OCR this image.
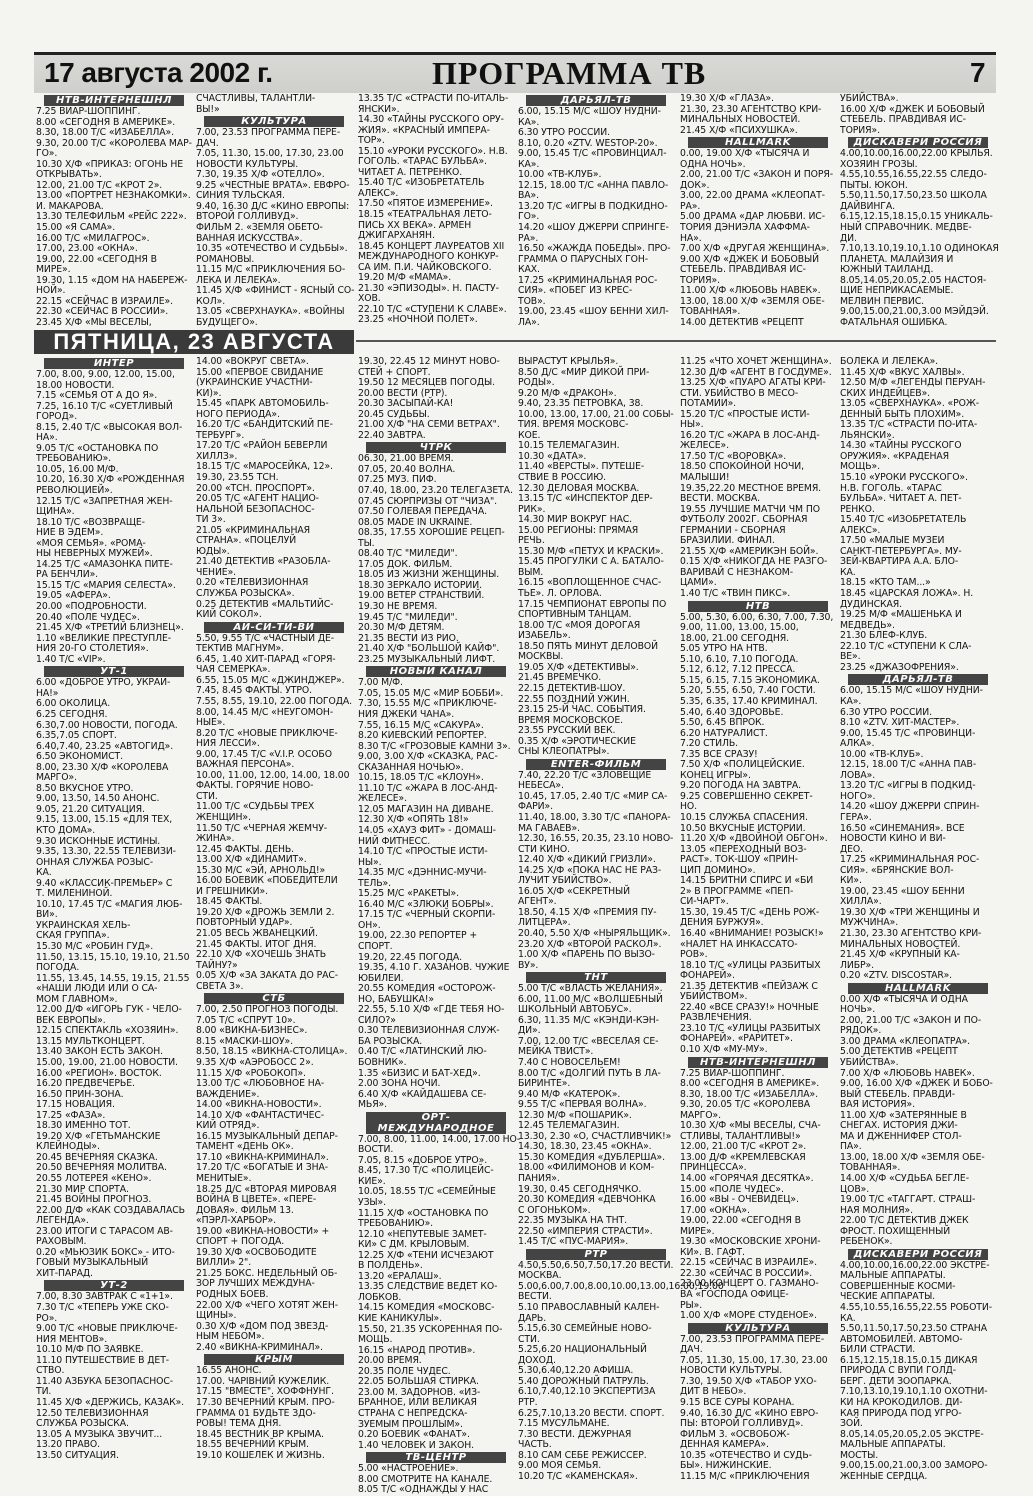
17 августа 2002 г.	ПРОГРАММА ТВ	7
ПЯТНИЦА, 23 АВГУСТА
НТВ-ИНТЕРНЕШНЛ
7.25 ВИАР-ШОППИНГ.
8.00 «СЕГОДНЯ В АМЕРИКЕ».
8.30, 18.00 Т/С «ИЗАБЕЛЛА».
9.30, 20.00 Т/С «КОРОЛЕВА МАР-
ГО».
10.30 Х/Ф «ПРИКАЗ: ОГОНЬ НЕ
ОТКРЫВАТЬ».
12.00, 21.00 Т/С «КРОТ 2».
13.00 «ПОРТРЕТ НЕЗНАКОМКИ».
И. МАКАРОВА.
13.30 ТЕЛЕФИЛЬМ «РЕЙС 222».
15.00 «Я САМА».
16.00 Т/С «МИЛАГРОС».
17.00, 23.00 «ОКНА».
19.00, 22.00 «СЕГОДНЯ В
МИРЕ».
19.30, 1.15 «ДОМ НА НАБЕРЕЖ-
НОЙ».
22.15 «СЕЙЧАС В ИЗРАИЛЕ».
22.30 «СЕЙЧАС В РОССИИ».
23.45 Х/Ф «МЫ ВЕСЕЛЫ,
СЧАСТЛИВЫ, ТАЛАНТЛИ-
ВЫ!»
КУЛЬТУРА
7.00, 23.53 ПРОГРАММА ПЕРЕ-
ДАЧ.
7.05, 11.30, 15.00, 17.30, 23.00
НОВОСТИ КУЛЬТУРЫ.
7.30, 19.35 Х/Ф «ОТЕЛЛО».
9.25 «ЧЕСТНЫЕ ВРАТА». ЕВФРО-
СИНИЯ ТУЛЬСКАЯ.
9.40, 16.30 Д/С «КИНО ЕВРОПЫ:
ВТОРОЙ ГОЛЛИВУД».
ФИЛЬМ 2. «ЗЕМЛЯ ОБЕТО-
ВАННАЯ ИСКУССТВА».
10.35 «ОТЕЧЕСТВО И СУДЬБЫ».
РОМАНОВЫ.
11.15 М/С «ПРИКЛЮЧЕНИЯ БО-
ЛЕКА И ЛЕЛЕКА».
11.45 Х/Ф «ФИНИСТ - ЯСНЫЙ СО-
КОЛ».
13.05 «СВЕРХНАУКА». «ВОЙНЫ
БУДУЩЕГО».
13.35 Т/С «СТРАСТИ ПО-ИТАЛЬ-
ЯНСКИ».
14.30 «ТАЙНЫ РУССКОГО ОРУ-
ЖИЯ». «КРАСНЫЙ ИМПЕРА-
ТОР».
15.10 «УРОКИ РУССКОГО». Н.В.
ГОГОЛЬ. «ТАРАС БУЛЬБА».
ЧИТАЕТ А. ПЕТРЕНКО.
15.40 Т/С «ИЗОБРЕТАТЕЛЬ
АЛЕКС».
17.50 «ПЯТОЕ ИЗМЕРЕНИЕ».
18.15 «ТЕАТРАЛЬНАЯ ЛЕТО-
ПИСЬ ХХ ВЕКА». АРМЕН
ДЖИГАРХАНЯН.
18.45 КОНЦЕРТ ЛАУРЕАТОВ XII
МЕЖДУНАРОДНОГО КОНКУР-
СА ИМ. П.И. ЧАЙКОВСКОГО.
19.20 М/Ф «МАМА».
21.30 «ЭПИЗОДЫ». Н. ПАСТУ-
ХОВ.
22.10 Т/С «СТУПЕНИ К СЛАВЕ».
23.25 «НОЧНОЙ ПОЛЕТ».
ДАРЬЯЛ-ТВ
6.00, 15.15 М/С «ШОУ НУДНИ-
КА».
6.30 УТРО РОССИИ.
8.10, 0.20 «ZTV. WESTOP-20».
9.00, 15.45 Т/С «ПРОВИНЦИАЛ-
КА».
10.00 «ТВ-КЛУБ».
12.15, 18.00 Т/С «АННА ПАВЛО-
ВА».
13.20 Т/С «ИГРЫ В ПОДКИДНО-
ГО».
14.20 «ШОУ ДЖЕРРИ СПРИНГЕ-
РА».
16.50 «ЖАЖДА ПОБЕДЫ». ПРО-
ГРАММА О ПАРУСНЫХ ГОН-
КАХ.
17.25 «КРИМИНАЛЬНАЯ РОС-
СИЯ». «ПОБЕГ ИЗ КРЕС-
ТОВ».
19.00, 23.45 «ШОУ БЕННИ ХИЛ-
ЛА».
19.30 Х/Ф «ГЛАЗА».
21.30, 23.30 АГЕНТСТВО КРИ-
МИНАЛЬНЫХ НОВОСТЕЙ.
21.45 Х/Ф «ПСИХУШКА».
HALLMARK
0.00, 19.00 Х/Ф «ТЫСЯЧА И
ОДНА НОЧЬ».
2.00, 21.00 Т/С «ЗАКОН И ПОРЯ-
ДОК».
3.00, 22.00 ДРАМА «КЛЕОПАТ-
РА».
5.00 ДРАМА «ДАР ЛЮБВИ. ИС-
ТОРИЯ ДЭНИЭЛА ХАФФМА-
НА».
7.00 Х/Ф «ДРУГАЯ ЖЕНЩИНА».
9.00 Х/Ф «ДЖЕК И БОБОВЫЙ
СТЕБЕЛЬ. ПРАВДИВАЯ ИС-
ТОРИЯ».
11.00 Х/Ф «ЛЮБОВЬ НАВЕК».
13.00, 18.00 Х/Ф «ЗЕМЛЯ ОБЕ-
ТОВАННАЯ».
14.00 ДЕТЕКТИВ «РЕЦЕПТ
УБИЙСТВА».
16.00 Х/Ф «ДЖЕК И БОБОВЫЙ
СТЕБЕЛЬ. ПРАВДИВАЯ ИС-
ТОРИЯ».
ДИСКАВЕРИ РОССИЯ
4.00,10.00,16.00,22.00 КРЫЛЬЯ.
ХОЗЯИН ГРОЗЫ.
4.55,10.55,16.55,22.55 СЛЕДО-
ПЫТЫ. ЮКОН.
5.50,11.50,17.50,23.50 ШКОЛА
ДАЙВИНГА.
6.15,12.15,18.15,0.15 УНИКАЛЬ-
НЫЙ СПРАВОЧНИК. МЕДВЕ-
ДИ.
7.10,13.10,19.10,1.10 ОДИНОКАЯ
ПЛАНЕТА. МАЛАЙЗИЯ И
ЮЖНЫЙ ТАИЛАНД.
8.05,14.05,20.05,2.05 НАСТОЯ-
ЩИЕ НЕПРИКАСАЕМЫЕ.
МЕЛВИН ПЕРВИС.
9.00,15.00,21.00,3.00 МЭЙДЭЙ.
ФАТАЛЬНАЯ ОШИБКА.
ИНТЕР
7.00, 8.00, 9.00, 12.00, 15.00,
18.00 НОВОСТИ.
7.15 «СЕМЬЯ ОТ А ДО Я».
7.25, 16.10 Т/С «СУЕТЛИВЫЙ
ГОРОД».
8.15, 2.40 Т/С «ВЫСОКАЯ ВОЛ-
НА».
9.05 Т/С «ОСТАНОВКА ПО
ТРЕБОВАНИЮ».
10.05, 16.00 М/Ф.
10.20, 16.30 Х/Ф «РОЖДЕННАЯ
РЕВОЛЮЦИЕЙ».
12.15 Т/С «ЗАПРЕТНАЯ ЖЕН-
ЩИНА».
18.10 Т/С «ВОЗВРАЩЕ-
НИЕ В ЭДЕМ».
«МОЯ СЕМЬЯ». «РОМА-
НЫ НЕВЕРНЫХ МУЖЕЙ».
14.25 Т/С «АМАЗОНКА ПИТЕ-
РА БЕНЧЛИ».
15.15 Т/С «МАРИЯ СЕЛЕСТА».
19.05 «АФЕРА».
20.00 «ПОДРОБНОСТИ.
20.40 «ПОЛЕ ЧУДЕС».
21.45 Х/Ф «ТРЕТИЙ БЛИЗНЕЦ».
1.10 «ВЕЛИКИЕ ПРЕСТУПЛЕ-
НИЯ 20-ГО СТОЛЕТИЯ».
1.40 Т/С «VIP».
УТ-1
6.00 «ДОБРОЕ УТРО, УКРАИ-
НА!»
6.00 ОКОЛИЦА.
6.25 СЕГОДНЯ.
6.30,7.00 НОВОСТИ, ПОГОДА.
6.35,7.05 СПОРТ.
6.40,7.40, 23.25 «АВТОГИД».
6.50 ЭКОНОМИСТ.
8.00, 23.30 Х/Ф «КОРОЛЕВА
МАРГО».
8.50 ВКУСНОЕ УТРО.
9.00, 13.50, 14.50 АНОНС.
9.05, 21.20 СИТУАЦИЯ.
9.15, 13.00, 15.15 «ДЛЯ ТЕХ,
КТО ДОМА».
9.30 ИСКОННЫЕ ИСТИНЫ.
9.35, 13.30, 22.55 ТЕЛЕВИЗИ-
ОННАЯ СЛУЖБА РОЗЫС-
КА.
9.40 «КЛАССИК-ПРЕМЬЕР» С
Т. МИЛЕНИНОЙ.
10.10, 17.45 Т/С «МАГИЯ ЛЮБ-
ВИ».
УКРАИНСКАЯ ХЕЛЬ-
СКАЯ ГРУППА».
15.30 М/С «РОБИН ГУД».
11.50, 13.15, 15.10, 19.10, 21.50
ПОГОДА.
11.55, 13.45, 14.55, 19.15, 21.55
«НАШИ ЛЮДИ ИЛИ О СА-
МОМ ГЛАВНОМ».
12.00 Д/Ф «ИГОРЬ ГУК - ЧЕЛО-
ВЕК ЕВРОПЫ».
12.15 СПЕКТАКЛЬ «ХОЗЯИН».
13.15 МУЛЬТКОНЦЕРТ.
13.40 ЗАКОН ЕСТЬ ЗАКОН.
15.00, 19.00, 21.00 НОВОСТИ.
16.00 «РЕГИОН». ВОСТОК.
16.20 ПРЕДВЕЧЕРЬЕ.
16.50 ПРИН-ЗОНА.
17.15 НОВАЦИЯ.
17.25 «ФАЗА».
18.30 ИМЕННО ТОТ.
19.20 Х/Ф «ГЕТЬМАНСКИЕ
КЛЕЙНОДЫ».
20.45 ВЕЧЕРНЯЯ СКАЗКА.
20.50 ВЕЧЕРНЯЯ МОЛИТВА.
20.55 ЛОТЕРЕЯ «КЕНО».
21.30 МИР СПОРТА.
21.45 ВОЙНЫ ПРОГНОЗ.
22.00 Д/Ф «КАК СОЗДАВАЛАСЬ
ЛЕГЕНДА».
23.00 ИТОГИ С ТАРАСОМ АВ-
РАХОВЫМ.
0.20 «МЬЮЗИК БОКС» - ИТО-
ГОВЫЙ МУЗЫКАЛЬНЫЙ
ХИТ-ПАРАД.
УТ-2
7.00, 8.30 ЗАВТРАК С «1+1».
7.30 Т/С «ТЕПЕРЬ УЖЕ СКО-
РО».
9.00 Т/С «НОВЫЕ ПРИКЛЮЧЕ-
НИЯ МЕНТОВ».
10.10 М/Ф ПО ЗАЯВКЕ.
11.10 ПУТЕШЕСТВИЕ В ДЕТ-
СТВО.
11.40 АЗБУКА БЕЗОПАСНОС-
ТИ.
11.45 Х/Ф «ДЕРЖИСЬ, КАЗАК».
12.50 ТЕЛЕВИЗИОННАЯ
СЛУЖБА РОЗЫСКА.
13.05 А МУЗЫКА ЗВУЧИТ...
13.20 ПРАВО.
13.50 СИТУАЦИЯ.
14.00 «ВОКРУГ СВЕТА».
15.00 «ПЕРВОЕ СВИДАНИЕ
(УКРАИНСКИЕ УЧАСТНИ-
КИ)».
15.45 «ПАРК АВТОМОБИЛЬ-
НОГО ПЕРИОДА».
16.20 Т/С «БАНДИТСКИЙ ПЕ-
ТЕРБУРГ».
17.20 Т/С «РАЙОН БЕВЕРЛИ
ХИЛЛЗ».
18.15 Т/С «МАРОСЕЙКА, 12».
19.30, 23.55 ТСН.
20.00 «ТСН. ПРОСПОРТ».
20.05 Т/С «АГЕНТ НАЦИО-
НАЛЬНОЙ БЕЗОПАСНОС-
ТИ 3».
21.05 «КРИМИНАЛЬНАЯ
СТРАНА». «ПОЦЕЛУЙ
ЮДЫ».
21.40 ДЕТЕКТИВ «РАЗОБЛА-
ЧЕНИЕ».
0.20 «ТЕЛЕВИЗИОННАЯ
СЛУЖБА РОЗЫСКА».
0.25 ДЕТЕКТИВ «МАЛЬТИЙС-
КИЙ СОКОЛ».
АЙ-СИ-ТИ-ВИ
5.50, 9.55 Т/С «ЧАСТНЫЙ ДЕ-
ТЕКТИВ МАГНУМ».
6.45, 1.40 ХИТ-ПАРАД «ГОРЯ-
ЧАЯ СЕМЕРКА».
6.55, 15.05 М/С «ДЖИНДЖЕР».
7.45, 8.45 ФАКТЫ. УТРО.
7.55, 8.55, 19.10, 22.00 ПОГОДА.
8.00, 14.45 М/С «НЕУГОМОН-
НЫЕ».
8.20 Т/С «НОВЫЕ ПРИКЛЮЧЕ-
НИЯ ЛЕССИ».
9.00, 17.45 Т/С «V.I.P. ОСОБО
ВАЖНАЯ ПЕРСОНА».
10.00, 11.00, 12.00, 14.00, 18.00
ФАКТЫ. ГОРЯЧИЕ НОВО-
СТИ.
11.00 Т/С «СУДЬБЫ ТРЕХ
ЖЕНЩИН».
11.50 Т/С «ЧЕРНАЯ ЖЕМЧУ-
ЖИНА».
12.45 ФАКТЫ. ДЕНЬ.
13.00 Х/Ф «ДИНАМИТ».
15.30 М/С «ЭЙ, АРНОЛЬД!»
16.00 БОЕВИК «ПОБЕДИТЕЛИ
И ГРЕШНИКИ».
18.45 ФАКТЫ.
19.20 Х/Ф «ДРОЖЬ ЗЕМЛИ 2.
ПОВТОРНЫЙ УДАР».
21.05 ВЕСЬ ЖВАНЕЦКИЙ.
21.45 ФАКТЫ. ИТОГ ДНЯ.
22.10 Х/Ф «ХОЧЕШЬ ЗНАТЬ
ТАЙНУ?»
0.05 Х/Ф «ЗА ЗАКАТА ДО РАС-
СВЕТА 3».
СТБ
7.00, 2.50 ПРОГНОЗ ПОГОДЫ.
7.05 Т/С «СПРУТ 10».
8.00 «ВИКНА-БИЗНЕС».
8.15 «МАСКИ-ШОУ».
8.50, 18.15 «ВИКНА-СТОЛИЦА».
9.35 Х/Ф «АЭРОБОСС 2».
11.15 Х/Ф «РОБОКОП».
13.00 Т/С «ЛЮБОВНОЕ НА-
ВАЖДЕНИЕ».
14.00 «ВИКНА-НОВОСТИ».
14.10 Х/Ф «ФАНТАСТИЧЕС-
КИЙ ОТРЯД».
16.15 МУЗЫКАЛЬНЫЙ ДЕПАР-
ТАМЕНТ «ДЕНЬ ОК».
17.10 «ВИКНА-КРИМИНАЛ».
17.20 Т/С «БОГАТЫЕ И ЗНА-
МЕНИТЫЕ».
18.25 Д/С «ВТОРАЯ МИРОВАЯ
ВОЙНА В ЦВЕТЕ». «ПЕРЕ-
ДОВАЯ». ФИЛЬМ 13.
«ПЭРЛ-ХАРБОР».
19.00 «ВИКНА-НОВОСТИ» +
СПОРТ + ПОГОДА.
19.30 Х/Ф «ОСВОБОДИТЕ
ВИЛЛИ» 2".
21.25 БОКС. НЕДЕЛЬНЫЙ ОБ-
ЗОР ЛУЧШИХ МЕЖДУНА-
РОДНЫХ БОЕВ.
22.00 Х/Ф «ЧЕГО ХОТЯТ ЖЕН-
ЩИНЫ».
0.30 Х/Ф «ДОМ ПОД ЗВЕЗД-
НЫМ НЕБОМ».
2.40 «ВИКНА-КРИМИНАЛ».
КРЫМ
16.55 АНОНС.
17.00. ЧАРІВНИЙ КУЖЕЛИК.
17.15 "ВМЕСТЕ". ХОФФНУНГ.
17.30 ВЕЧЕРНИЙ КРЫМ. ПРО-
ГРАММА 01 БУДЬТЕ ЗДО-
РОВЫ! ТЕМА ДНЯ.
18.45 ВЕСТНИК ВР КРЫМА.
18.55 ВЕЧЕРНИЙ КРЫМ.
19.10 КОШЕЛЕК И ЖИЗНЬ.
19.30, 22.45 12 МИНУТ НОВО-
СТЕЙ + СПОРТ.
19.50 12 МЕСЯЦЕВ ПОГОДЫ.
20.00 ВЕСТИ (РТР).
20.30 ЗАСЫПАЙ-КА!
20.45 СУДЬБЫ.
21.00 Х/Ф "НА СЕМИ ВЕТРАХ".
22.40 ЗАВТРА.
ЧТРК
06.30, 21.00 ВРЕМЯ.
07.05, 20.40 ВОЛНА.
07.25 МУЗ. ПИФ.
07.40, 18.00, 23.20 ТЕЛЕГАЗЕТА.
07.45 СЮРПРИЗЫ ОТ "ЧИЗА".
07.50 ГОЛЕВАЯ ПЕРЕДАЧА.
08.05 MADE IN UKRAINE.
08.35, 17.55 ХОРОШИЕ РЕЦЕП-
ТЫ.
08.40 Т/С "МИЛЕДИ".
17.05 ДОК. ФИЛЬМ.
18.05 ИЗ ЖИЗНИ ЖЕНЩИНЫ.
18.30 ЗЕРКАЛО ИСТОРИИ.
19.00 ВЕТЕР СТРАНСТВИЙ.
19.30 НЕ ВРЕМЯ.
19.45 Т/С "МИЛЕДИ".
20.30 М/Ф ДЕТЯМ.
21.35 ВЕСТИ ИЗ РИО.
21.40 Х/Ф "БОЛЬШОЙ КАЙФ".
23.25 МУЗЫКАЛЬНЫЙ ЛИФТ.
НОВЫЙ КАНАЛ
7.00 М/Ф.
7.05, 15.05 М/С «МИР БОББИ».
7.30, 15.55 М/С «ПРИКЛЮЧЕ-
НИЯ ДЖЕКИ ЧАНА».
7.55, 16.15 М/С «САКУРА».
8.20 КИЕВСКИЙ РЕПОРТЕР.
8.30 Т/С «ГРОЗОВЫЕ КАМНИ 3».
9.00, 3.00 Х/Ф «СКАЗКА, РАС-
СКАЗАННАЯ НОЧЬЮ».
10.15, 18.05 Т/С «КЛОУН».
11.10 Т/С «ЖАРА В ЛОС-АНД-
ЖЕЛЕСЕ».
12.05 МАГАЗИН НА ДИВАНЕ.
12.30 Х/Ф «ОПЯТЬ 18!»
14.05 «ХАУЗ ФИТ» - ДОМАШ-
НИЙ ФИТНЕСС.
14.10 Т/С «ПРОСТЫЕ ИСТИ-
НЫ».
14.35 М/С «ДЭННИС-МУЧИ-
ТЕЛЬ».
15.25 М/С «РАКЕТЫ».
16.40 М/С «ЗЛЮКИ БОБРЫ».
17.15 Т/С «ЧЕРНЫЙ СКОРПИ-
ОН».
19.00, 22.30 РЕПОРТЕР +
СПОРТ.
19.20, 22.45 ПОГОДА.
19.35, 4.10 Г. ХАЗАНОВ. ЧУЖИЕ
ЮБИЛЕИ.
20.55 КОМЕДИЯ «ОСТОРОЖ-
НО, БАБУШКА!»
22.55, 5.10 Х/Ф «ГДЕ ТЕБЯ НО-
СИЛО?»
0.30 ТЕЛЕВИЗИОННАЯ СЛУЖ-
БА РОЗЫСКА.
0.40 Т/С «ЛАТИНСКИЙ ЛЮ-
БОВНИК».
1.35 «БИЗИС И БАТ-ХЕД».
2.00 ЗОНА НОЧИ.
6.40 Х/Ф «КАЙДАШЕВА СЕ-
МЬЯ».
ОРТ-МЕЖДУНАРОДНОЕ
7.00, 8.00, 11.00, 14.00, 17.00 НО-
ВОСТИ.
7.05, 8.15 «ДОБРОЕ УТРО».
8.45, 17.30 Т/С «ПОЛИЦЕЙС-
КИЕ».
10.05, 18.55 Т/С «СЕМЕЙНЫЕ
УЗЫ».
11.15 Х/Ф «ОСТАНОВКА ПО
ТРЕБОВАНИЮ».
12.10 «НЕПУТЕВЫЕ ЗАМЕТ-
КИ» С ДМ. КРЫЛОВЫМ.
12.25 Х/Ф «ТЕНИ ИСЧЕЗАЮТ
В ПОЛДЕНЬ».
13.20 «ЕРАЛАШ».
13.35 СЛЕДСТВИЕ ВЕДЕТ КО-
ЛОБКОВ.
14.15 КОМЕДИЯ «МОСКОВС-
КИЕ КАНИКУЛЫ».
15.50, 21.35 УСКОРЕННАЯ ПО-
МОЩЬ.
16.15 «НАРОД ПРОТИВ».
20.00 ВРЕМЯ.
20.35 ПОЛЕ ЧУДЕС.
22.05 БОЛЬШАЯ СТИРКА.
23.00 М. ЗАДОРНОВ. «ИЗ-
БРАННОЕ, ИЛИ ВЕЛИКАЯ
СТРАНА С НЕПРЕДСКА-
ЗУЕМЫМ ПРОШЛЫМ».
0.20 БОЕВИК «ФАНАТ».
1.40 ЧЕЛОВЕК И ЗАКОН.
ТВ-ЦЕНТР
5.00 «НАСТРОЕНИЕ».
8.00 СМОТРИТЕ НА КАНАЛЕ.
8.05 Т/С «ОДНАЖДЫ У НАС
ВЫРАСТУТ КРЫЛЬЯ».
8.50 Д/С «МИР ДИКОЙ ПРИ-
РОДЫ».
9.20 М/Ф «ДРАКОН».
9.40, 23.35 ПЕТРОВКА, 38.
10.00, 13.00, 17.00, 21.00 СОБЫ-
ТИЯ. ВРЕМЯ МОСКОВС-
КОЕ.
10.15 ТЕЛЕМАГАЗИН.
10.30 «ДАТА».
11.40 «ВЕРСТЫ». ПУТЕШЕ-
СТВИЕ В РОССИЮ.
12.30 ДЕЛОВАЯ МОСКВА.
13.15 Т/С «ИНСПЕКТОР ДЕР-
РИК».
14.30 МИР ВОКРУГ НАС.
15.00 РЕГИОНЫ: ПРЯМАЯ
РЕЧЬ.
15.30 М/Ф «ПЕТУХ И КРАСКИ».
15.45 ПРОГУЛКИ С А. БАТАЛО-
ВЫМ.
16.15 «ВОПЛОЩЕННОЕ СЧАС-
ТЬЕ». Л. ОРЛОВА.
17.15 ЧЕМПИОНАТ ЕВРОПЫ ПО
СПОРТИВНЫМ ТАНЦАМ.
18.00 Т/С «МОЯ ДОРОГАЯ
ИЗАБЕЛЬ».
18.50 ПЯТЬ МИНУТ ДЕЛОВОЙ
МОСКВЫ.
19.05 Х/Ф «ДЕТЕКТИВЫ».
21.45 ВРЕМЕЧКО.
22.15 ДЕТЕКТИВ-ШОУ.
22.55 ПОЗДНИЙ УЖИН.
23.15 25-Й ЧАС. СОБЫТИЯ.
ВРЕМЯ МОСКОВСКОЕ.
23.55 РУССКИЙ ВЕК.
0.35 Х/Ф «ЭРОТИЧЕСКИЕ
СНЫ КЛЕОПАТРЫ».
ENTER-ФИЛЬМ
7.40, 22.20 Т/С «ЗЛОВЕЩИЕ
НЕБЕСА».
10.45, 17.05, 2.40 Т/С «МИР СА-
ФАРИ».
11.40, 18.00, 3.30 Т/С «ПАНОРА-
МА ГАВАЕВ».
12.30, 16.55, 20.35, 23.10 НОВО-
СТИ КИНО.
12.40 Х/Ф «ДИКИЙ ГРИЗЛИ».
14.25 Х/Ф «ПОКА НАС НЕ РАЗ-
ЛУЧИТ УБИЙСТВО».
16.05 Х/Ф «СЕКРЕТНЫЙ
АГЕНТ».
18.50, 4.15 Х/Ф «ПРЕМИЯ ПУ-
ЛИТЦЕРА».
20.40, 5.50 Х/Ф «НЫРЯЛЬЩИК».
23.20 Х/Ф «ВТОРОЙ РАСКОЛ».
1.00 Х/Ф «ПАРЕНЬ ПО ВЫЗО-
ВУ».
ТНТ
5.00 Т/С «ВЛАСТЬ ЖЕЛАНИЯ».
6.00, 11.00 М/С «ВОЛШЕБНЫЙ
ШКОЛЬНЫЙ АВТОБУС».
6.30, 11.35 М/С «КЭНДИ-КЭН-
ДИ».
7.00, 12.00 Т/С «ВЕСЕЛАЯ СЕ-
МЕЙКА ТВИСТ».
7.40 С НОВОСЕЛЬЕМ!
8.00 Т/С «ДОЛГИЙ ПУТЬ В ЛА-
БИРИНТЕ».
9.40 М/Ф «КАТЕРОК».
9.55 Т/С «ПЕРВАЯ ВОЛНА».
12.30 М/Ф «ПОШАРИК».
12.45 ТЕЛЕМАГАЗИН.
13.30, 2.30 «О, СЧАСТЛИВЧИК!»
14.30, 18.30, 23.45 «ОКНА».
15.30 КОМЕДИЯ «ДУБЛЕРША».
18.00 «ФИЛИМОНОВ И КОМ-
ПАНИЯ».
19.30, 0.45 СЕГОДНЯЧКО.
20.30 КОМЕДИЯ «ДЕВЧОНКА
С ОГОНЬКОМ».
22.35 МУЗЫКА НА ТНТ.
22.50 «ИМПЕРИЯ СТРАСТИ».
1.45 Т/С «ПУС-МАРИЯ».
РТР
4.50,5.50,6.50,7.50,17.20 ВЕСТИ.
МОСКВА.
5.00,6.00,7.00,8.00,10.00,13.00,16.00,19.00
ВЕСТИ.
5.10 ПРАВОСЛАВНЫЙ КАЛЕН-
ДАРЬ.
5.15,6.30 СЕМЕЙНЫЕ НОВО-
СТИ.
5.25,6.20 НАЦИОНАЛЬНЫЙ
ДОХОД.
5.30,6.40,12.20 АФИША.
5.40 ДОРОЖНЫЙ ПАТРУЛЬ.
6.10,7.40,12.10 ЭКСПЕРТИЗА
РТР.
6.25,7.10,13.20 ВЕСТИ. СПОРТ.
7.15 МУСУЛЬМАНЕ.
7.30 ВЕСТИ. ДЕЖУРНАЯ
ЧАСТЬ.
8.10 САМ СЕБЕ РЕЖИССЕР.
9.00 МОЯ СЕМЬЯ.
10.20 Т/С «КАМЕНСКАЯ».
11.25 «ЧТО ХОЧЕТ ЖЕНЩИНА».
12.30 Д/Ф «АГЕНТ В ГОСДУМЕ».
13.25 Х/Ф «ПУАРО АГАТЫ КРИ-
СТИ. УБИЙСТВО В МЕСО-
ПОТАМИИ».
15.20 Т/С «ПРОСТЫЕ ИСТИ-
НЫ».
16.20 Т/С «ЖАРА В ЛОС-АНД-
ЖЕЛЕСЕ».
17.50 Т/С «ВОРОВКА».
18.50 СПОКОЙНОЙ НОЧИ,
МАЛЫШИ!
19.35,22.20 МЕСТНОЕ ВРЕМЯ.
ВЕСТИ. МОСКВА.
19.55 ЛУЧШИЕ МАТЧИ ЧМ ПО
ФУТБОЛУ 2002Г. СБОРНАЯ
ГЕРМАНИИ - СБОРНАЯ
БРАЗИЛИИ. ФИНАЛ.
21.55 Х/Ф «АМЕРИКЭН БОЙ».
0.15 Х/Ф «НИКОГДА НЕ РАЗГО-
ВАРИВАЙ С НЕЗНАКОМ-
ЦАМИ».
1.40 Т/С «ТВИН ПИКС».
НТВ
5.00, 5.30, 6.00, 6.30, 7.00, 7.30,
9.00, 11.00, 13.00, 15.00,
18.00, 21.00 СЕГОДНЯ.
5.05 УТРО НА НТВ.
5.10, 6.10, 7.10 ПОГОДА.
5.12, 6.12, 7.12 ПРЕССА.
5.15, 6.15, 7.15 ЭКОНОМИКА.
5.20, 5.55, 6.50, 7.40 ГОСТИ.
5.35, 6.35, 17.40 КРИМИНАЛ.
5.40, 6.40 ЗДОРОВЬЕ.
5.50, 6.45 ВПРОК.
6.20 НАТУРАЛИСТ.
7.20 СТИЛЬ.
7.35 ВСЕ СРАЗУ!
7.50 Х/Ф «ПОЛИЦЕЙСКИЕ.
КОНЕЦ ИГРЫ».
9.20 ПОГОДА НА ЗАВТРА.
9.25 СОВЕРШЕННО СЕКРЕТ-
НО.
10.15 СЛУЖБА СПАСЕНИЯ.
10.50 ВКУСНЫЕ ИСТОРИИ.
11.20 Х/Ф «ДВОЙНОЙ ОБГОН».
13.05 «ПЕРЕХОДНЫЙ ВОЗ-
РАСТ». ТОК-ШОУ «ПРИН-
ЦИП ДОМИНО».
14.15 БРИТНИ СПИРС И «БИ
2» В ПРОГРАММЕ «ПЕП-
СИ-ЧАРТ».
15.30, 19.45 Т/С «ДЕНЬ РОЖ-
ДЕНИЯ БУРЖУЯ».
16.40 «ВНИМАНИЕ! РОЗЫСК!»
«НАЛЕТ НА ИНКАССАТО-
РОВ».
18.10 Т/С «УЛИЦЫ РАЗБИТЫХ
ФОНАРЕЙ».
21.35 ДЕТЕКТИВ «ПЕЙЗАЖ С
УБИЙСТВОМ».
22.40 «ВСЕ СРАЗУ!» НОЧНЫЕ
РАЗВЛЕЧЕНИЯ.
23.10 Т/С «УЛИЦЫ РАЗБИТЫХ
ФОНАРЕЙ». «РАРИТЕТ».
0.10 Х/Ф «МУ-МУ».
НТВ-ИНТЕРНЕШНЛ
7.25 ВИАР-ШОППИНГ.
8.00 «СЕГОДНЯ В АМЕРИКЕ».
8.30, 18.00 Т/С «ИЗАБЕЛЛА».
9.30, 20.05 Т/С «КОРОЛЕВА
МАРГО».
10.30 Х/Ф «МЫ ВЕСЕЛЫ, СЧА-
СТЛИВЫ, ТАЛАНТЛИВЫ!»
12.00, 21.00 Т/С «КРОТ 2».
13.00 Д/Ф «КРЕМЛЕВСКАЯ
ПРИНЦЕССА».
14.00 «ГОРЯЧАЯ ДЕСЯТКА».
15.00 «ПОЛЕ ЧУДЕС».
16.00 «ВЫ - ОЧЕВИДЕЦ».
17.00 «ОКНА».
19.00, 22.00 «СЕГОДНЯ В
МИРЕ».
19.30 «МОСКОВСКИЕ ХРОНИ-
КИ». В. ГАФТ.
22.15 «СЕЙЧАС В ИЗРАИЛЕ».
22.30 «СЕЙЧАС В РОССИИ».
23.00 КОНЦЕРТ О. ГАЗМАНО-
ВА «ГОСПОДА ОФИЦЕ-
РЫ».
1.00 Х/Ф «МОРЕ СТУДЕНОЕ».
КУЛЬТУРА
7.00, 23.53 ПРОГРАММА ПЕРЕ-
ДАЧ.
7.05, 11.30, 15.00, 17.30, 23.00
НОВОСТИ КУЛЬТУРЫ.
7.30, 19.50 Х/Ф «ТАБОР УХО-
ДИТ В НЕБО».
9.15 ВСЕ СУРЫ КОРАНА.
9.40, 16.30 Д/С «КИНО ЕВРО-
ПЫ: ВТОРОЙ ГОЛЛИВУД».
ФИЛЬМ 3. «ОСВОБОЖ-
ДЕННАЯ КАМЕРА».
10.35 «ОТЕЧЕСТВО И СУДЬ-
БЫ». НИЖИНСКИЕ.
11.15 М/С «ПРИКЛЮЧЕНИЯ
БОЛЕКА И ЛЕЛЕКА».
11.45 Х/Ф «ВКУС ХАЛВЫ».
12.50 М/Ф «ЛЕГЕНДЫ ПЕРУАН-
СКИХ ИНДЕЙЦЕВ».
13.05 «СВЕРХНАУКА». «РОЖ-
ДЕННЫЙ БЫТЬ ПЛОХИМ».
13.35 Т/С «СТРАСТИ ПО-ИТА-
ЛЬЯНСКИ».
14.30 «ТАЙНЫ РУССКОГО
ОРУЖИЯ». «КРАДЕНАЯ
МОЩЬ».
15.10 «УРОКИ РУССКОГО».
Н.В. ГОГОЛЬ. «ТАРАС
БУЛЬБА». ЧИТАЕТ А. ПЕТ-
РЕНКО.
15.40 Т/С «ИЗОБРЕТАТЕЛЬ
АЛЕКС».
17.50 «МАЛЫЕ МУЗЕИ
САНКТ-ПЕТЕРБУРГА». МУ-
ЗЕЙ-КВАРТИРА А.А. БЛО-
КА.
18.15 «КТО ТАМ...»
18.45 «ЦАРСКАЯ ЛОЖА». Н.
ДУДИНСКАЯ.
19.25 М/Ф «МАШЕНЬКА И
МЕДВЕДЬ».
21.30 БЛЕФ-КЛУБ.
22.10 Т/С «СТУПЕНИ К СЛА-
ВЕ».
23.25 «ДЖАЗОФРЕНИЯ».
ДАРЬЯЛ-ТВ
6.00, 15.15 М/С «ШОУ НУДНИ-
КА».
6.30 УТРО РОССИИ.
8.10 «ZTV. ХИТ-МАСТЕР».
9.00, 15.45 Т/С «ПРОВИНЦИ-
АЛКА».
10.00 «ТВ-КЛУБ».
12.15, 18.00 Т/С «АННА ПАВ-
ЛОВА».
13.20 Т/С «ИГРЫ В ПОДКИД-
НОГО».
14.20 «ШОУ ДЖЕРРИ СПРИН-
ГЕРА».
16.50 «СИНЕМАНИЯ». ВСЕ
НОВОСТИ КИНО И ВИ-
ДЕО.
17.25 «КРИМИНАЛЬНАЯ РОС-
СИЯ». «БРЯНСКИЕ ВОЛ-
КИ».
19.00, 23.45 «ШОУ БЕННИ
ХИЛЛА».
19.30 Х/Ф «ТРИ ЖЕНЩИНЫ И
МУЖЧИНА».
21.30, 23.30 АГЕНТСТВО КРИ-
МИНАЛЬНЫХ НОВОСТЕЙ.
21.45 Х/Ф «КРУПНЫЙ КА-
ЛИБР».
0.20 «ZTV. DISCOSTAR».
HALLMARK
0.00 Х/Ф «ТЫСЯЧА И ОДНА
НОЧЬ».
2.00, 21.00 Т/С «ЗАКОН И ПО-
РЯДОК».
3.00 ДРАМА «КЛЕОПАТРА».
5.00 ДЕТЕКТИВ «РЕЦЕПТ
УБИЙСТВА».
7.00 Х/Ф «ЛЮБОВЬ НАВЕК».
9.00, 16.00 Х/Ф «ДЖЕК И БОБО-
ВЫЙ СТЕБЕЛЬ. ПРАВДИ-
ВАЯ ИСТОРИЯ».
11.00 Х/Ф «ЗАТЕРЯННЫЕ В
СНЕГАХ. ИСТОРИЯ ДЖИ-
МА И ДЖЕННИФЕР СТОЛ-
ПА».
13.00, 18.00 Х/Ф «ЗЕМЛЯ ОБЕ-
ТОВАННАЯ».
14.00 Х/Ф «СУДЬБА БЕГЛЕ-
ЦОВ».
19.00 Т/С «ТАГГАРТ. СТРАШ-
НАЯ МОЛНИЯ».
22.00 Т/С ДЕТЕКТИВ ДЖЕК
ФРОСТ. ПОХИЩЕННЫЙ
РЕБЕНОК».
ДИСКАВЕРИ РОССИЯ
4.00,10.00,16.00,22.00 ЭКСТРЕ-
МАЛЬНЫЕ АППАРАТЫ.
СОВЕРШЕННЫЕ КОСМИ-
ЧЕСКИЕ АППАРАТЫ.
4.55,10.55,16.55,22.55 РОБОТИ-
КА.
5.50,11.50,17.50,23.50 СТРАНА
АВТОМОБИЛЕЙ. АВТОМО-
БИЛИ СТРАСТИ.
6.15,12.15,18.15,0.15 ДИКАЯ
ПРИРОДА С ВУПИ ГОЛД-
БЕРГ. ДЕТИ ЗООПАРКА.
7.10,13.10,19.10,1.10 ОХОТНИ-
КИ НА КРОКОДИЛОВ. ДИ-
КАЯ ПРИРОДА ПОД УГРО-
ЗОЙ.
8.05,14.05,20.05,2.05 ЭКСТРЕ-
МАЛЬНЫЕ АППАРАТЫ.
МОСТЫ.
9.00,15.00,21.00,3.00 ЗАМОРО-
ЖЕННЫЕ СЕРДЦА.
